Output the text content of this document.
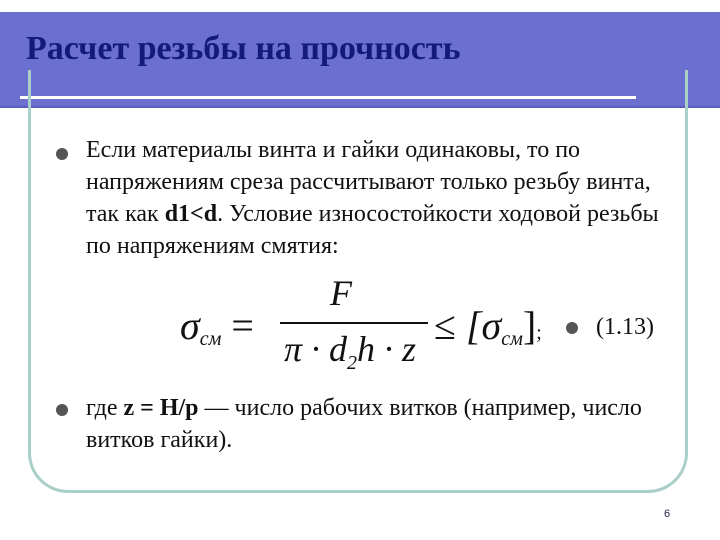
Расчет резьбы на прочность

Если материалы винта и гайки одинаковы, то по напряжениям среза рассчитывают только резьбу винта, так как d1<d. Условие износостойкости ходовой резьбы по напряжениям смятия:

$\sigma_{см}$ =
F
$\pi \cdot d_2h \cdot z$
≤ $[\sigma_{см}]$; (1.13)

где z = H/p — число рабочих витков (например, число витков гайки).

6
